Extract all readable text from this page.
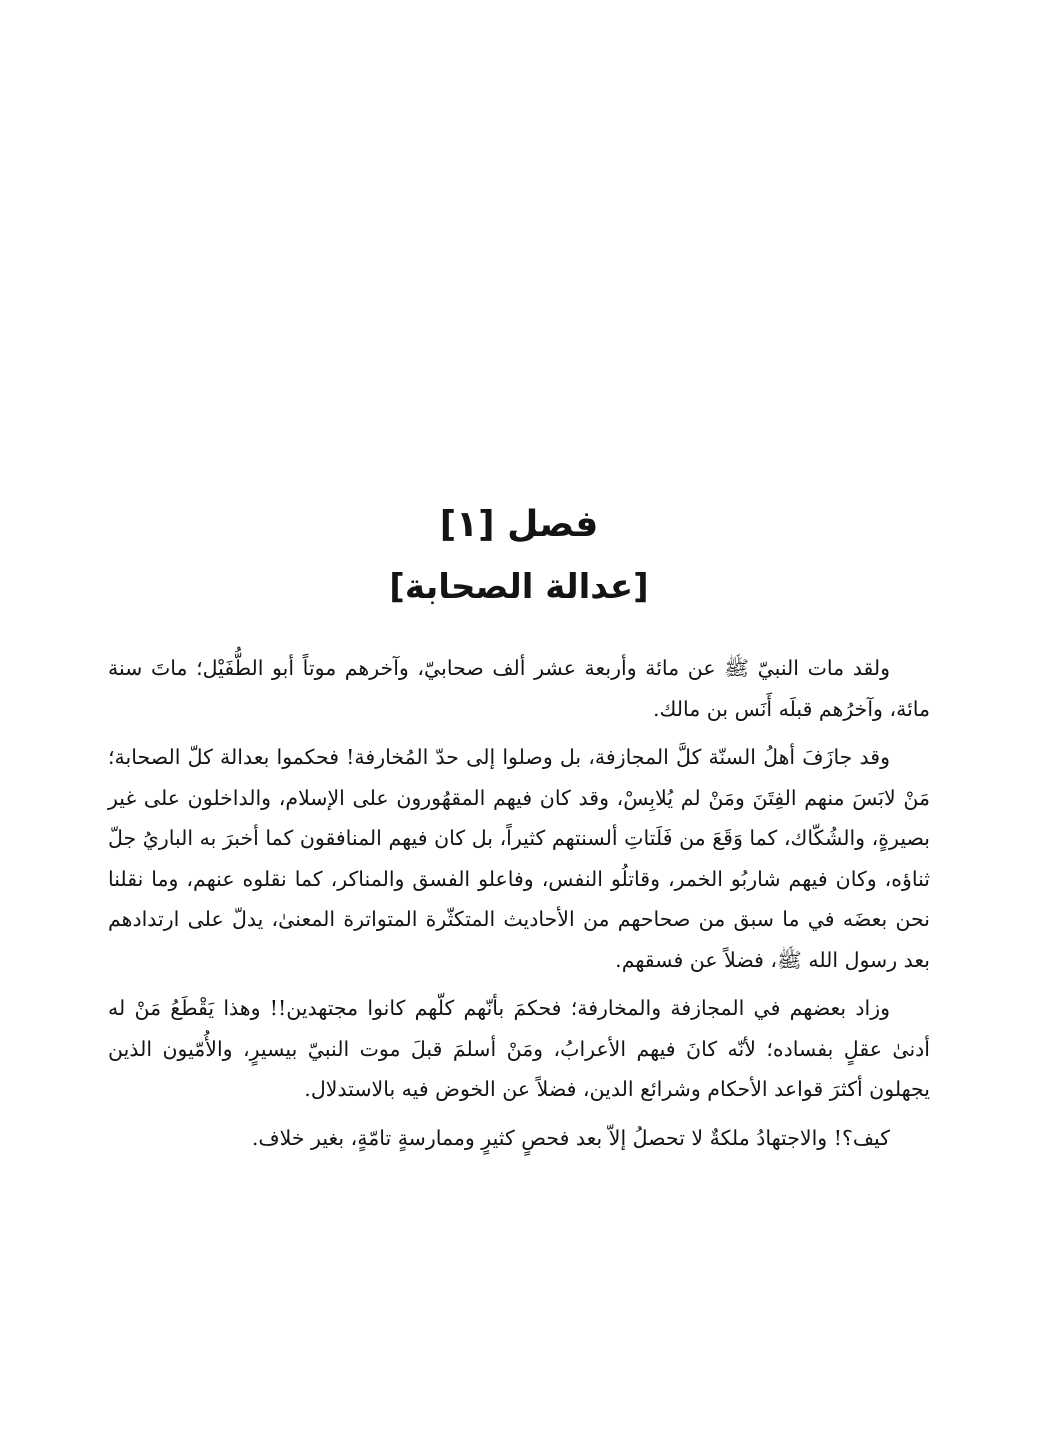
فصل [١]
[عدالة الصحابة]

ولقد مات النبيّ ﷺ عن مائة وأربعة عشر ألف صحابيّ، وآخرهم موتاً أبو الطُّفَيْل؛ ماتَ سنة مائة، وآخرُهم قبلَه أَنَس بن مالك.

وقد جازَفَ أهلُ السنّة كلَّ المجازفة، بل وصلوا إلى حدّ المُخارفة! فحكموا بعدالة كلّ الصحابة؛ مَنْ لابَسَ منهم الفِتَنَ ومَنْ لم يُلابِسْ، وقد كان فيهم المقهُورون على الإسلام، والداخلون على غير بصيرةٍ، والشُكّاك، كما وَقَعَ من فَلَتاتِ ألسنتهم كثيراً، بل كان فيهم المنافقون كما أخبرَ به الباريُ جلّ ثناؤه، وكان فيهم شاربُو الخمر، وقاتلُو النفس، وفاعلو الفسق والمناكر، كما نقلوه عنهم، وما نقلنا نحن بعضَه في ما سبق من صحاحهم من الأحاديث المتكثّرة المتواترة المعنىٰ، يدلّ على ارتدادهم بعد رسول الله ﷺ، فضلاً عن فسقهم.

وزاد بعضهم في المجازفة والمخارفة؛ فحكمَ بأنّهم كلّهم كانوا مجتهدين!! وهذا يَقْطَعُ مَنْ له أدنىٰ عقلٍ بفساده؛ لأنّه كانَ فيهم الأعرابُ، ومَنْ أسلمَ قبلَ موت النبيّ بيسيرٍ، والأُمّيون الذين يجهلون أكثرَ قواعد الأحكام وشرائع الدين، فضلاً عن الخوض فيه بالاستدلال.

كيف؟! والاجتهادُ ملكةٌ لا تحصلُ إلاّ بعد فحصٍ كثيرٍ وممارسةٍ تامّةٍ، بغير خلاف.
